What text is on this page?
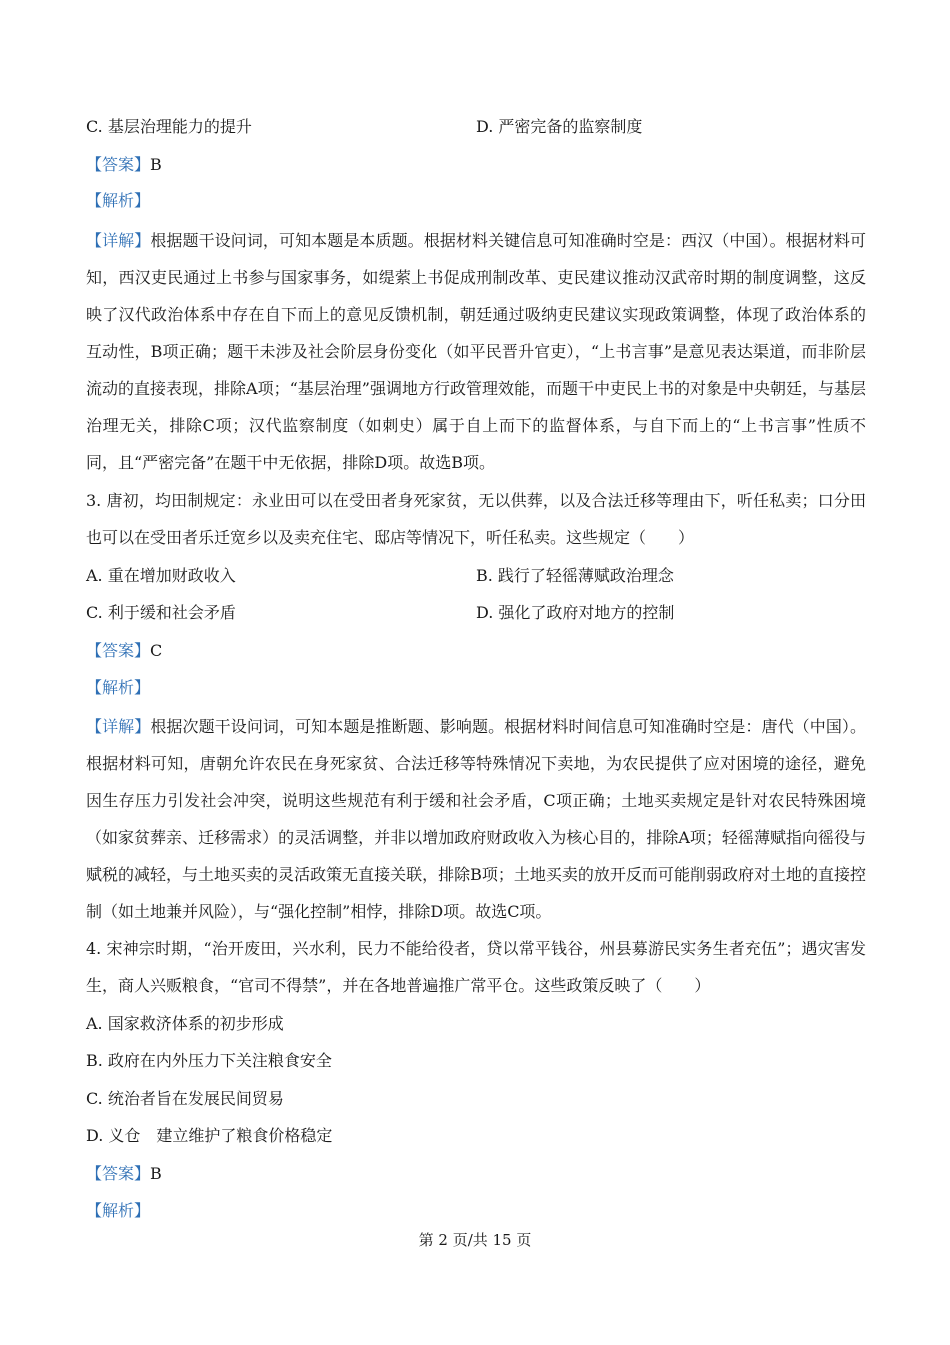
C. 基层治理能力的提升	D. 严密完备的监察制度
【答案】B
【解析】
【详解】根据题干设问词，可知本题是本质题。根据材料关键信息可知准确时空是：西汉（中国）。根据材料可知，西汉吏民通过上书参与国家事务，如缇萦上书促成刑制改革、吏民建议推动汉武帝时期的制度调整，这反映了汉代政治体系中存在自下而上的意见反馈机制，朝廷通过吸纳吏民建议实现政策调整，体现了政治体系的互动性，B项正确；题干未涉及社会阶层身份变化（如平民晋升官吏），“上书言事”是意见表达渠道，而非阶层流动的直接表现，排除A项；“基层治理”强调地方行政管理效能，而题干中吏民上书的对象是中央朝廷，与基层治理无关，排除C项；汉代监察制度（如刺史）属于自上而下的监督体系，与自下而上的“上书言事”性质不同，且“严密完备”在题干中无依据，排除D项。故选B项。
3. 唐初，均田制规定：永业田可以在受田者身死家贫，无以供葬，以及合法迁移等理由下，听任私卖；口分田也可以在受田者乐迁宽乡以及卖充住宅、邸店等情况下，听任私卖。这些规定（　　）
A. 重在增加财政收入	B. 践行了轻徭薄赋政治理念
C. 利于缓和社会矛盾	D. 强化了政府对地方的控制
【答案】C
【解析】
【详解】根据次题干设问词，可知本题是推断题、影响题。根据材料时间信息可知准确时空是：唐代（中国）。根据材料可知，唐朝允许农民在身死家贫、合法迁移等特殊情况下卖地，为农民提供了应对困境的途径，避免因生存压力引发社会冲突，说明这些规范有利于缓和社会矛盾，C项正确；土地买卖规定是针对农民特殊困境（如家贫葬亲、迁移需求）的灵活调整，并非以增加政府财政收入为核心目的，排除A项；轻徭薄赋指向徭役与赋税的减轻，与土地买卖的灵活政策无直接关联，排除B项；土地买卖的放开反而可能削弱政府对土地的直接控制（如土地兼并风险），与“强化控制”相悖，排除D项。故选C项。
4. 宋神宗时期，“治开废田，兴水利，民力不能给役者，贷以常平钱谷，州县募游民实务生者充伍”；遇灾害发生，商人兴贩粮食，“官司不得禁”，并在各地普遍推广常平仓。这些政策反映了（　　）
A. 国家救济体系的初步形成
B. 政府在内外压力下关注粮食安全
C. 统治者旨在发展民间贸易
D. 义仓　建立维护了粮食价格稳定
【答案】B
【解析】
第 2 页/共 15 页
